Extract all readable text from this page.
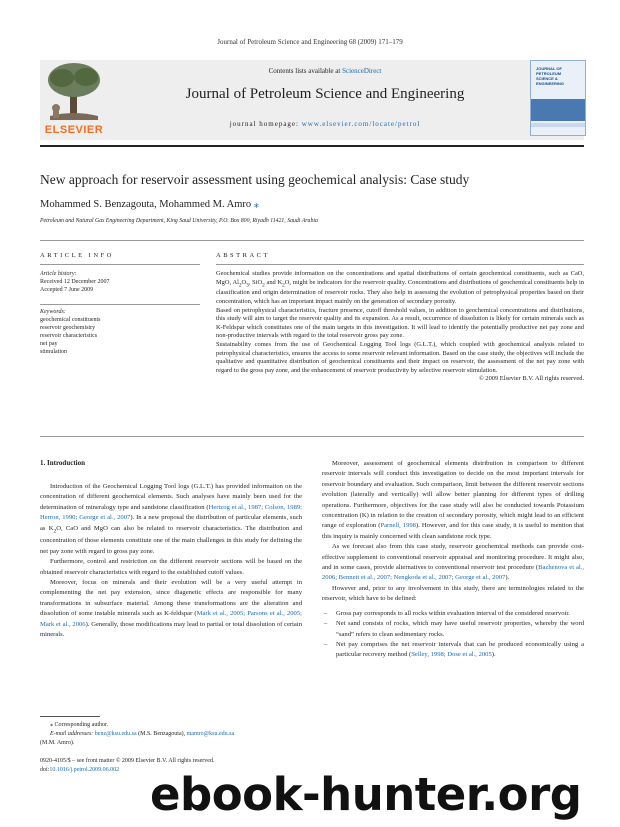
Journal of Petroleum Science and Engineering 68 (2009) 171–179
ELSEVIER
Contents lists available at ScienceDirect
Journal of Petroleum Science and Engineering
journal homepage: www.elsevier.com/locate/petrol
JOURNAL OF PETROLEUM SCIENCE & ENGINEERING
New approach for reservoir assessment using geochemical analysis: Case study
Mohammed S. Benzagouta, Mohammed M. Amro ⁎
Petroleum and Natural Gas Engineering Department, King Saud University, P.O. Box 800, Riyadh 11421, Saudi Arabia
ARTICLE INFO	ABSTRACT
Article history:
Received 12 December 2007
Accepted 7 June 2009
Keywords:
geochemical constituents
reservoir geochemistry
reservoir characteristics
net pay
stimulation

Geochemical studies provide information on the concentrations and spatial distributions of certain geochemical constituents, such as CaO, MgO, $Al_2O_3$, SiO$_2$ and $K_2O$, might be indicators for the reservoir quality. Concentrations and distributions of geochemical constituents help in classification and origin determination of reservoir rocks. They also help in assessing the evolution of petrophysical properties based on their concentration, which has an important impact mainly on the generation of secondary porosity.

Based on petrophysical characteristics, fracture presence, cutoff threshold values, in addition to geochemical concentrations and distributions, this study will aim to target the reservoir quality and its expansion. As a result, occurrence of dissolution is likely for certain minerals such as K-Feldspar which constitutes one of the main targets in this investigation. It will lead to identify the potentially productive net pay zone and non-productive intervals with regard to the total reservoir gross pay zone.

Sustainability comes from the use of Geochemical Logging Tool logs (G.L.T.), which coupled with geochemical analysis related to petrophysical characteristics, ensures the access to some reservoir relevant information. Based on the case study, the objectives will include the qualitative and quantitative distribution of geochemical constituents and their impact on reservoir, the assessment of the net pay zone with regard to the gross pay zone, and the enhancement of reservoir productivity by selective reservoir stimulation.

© 2009 Elsevier B.V. All rights reserved.

1. Introduction

Introduction of the Geochemical Logging Tool logs (G.L.T.) has provided information on the concentration of different geochemical elements. Such analyses have mainly been used for the determination of mineralogy type and sandstone classification (Hertzog et al., 1987; Colson, 1989; Herron, 1990; George et al., 2007). In a new proposal the distribution of particular elements, such as $K_2O$, CaO and MgO can also be related to reservoir characteristics. The distribution and concentration of those elements constitute one of the main challenges in this study for defining the net pay zone with regard to gross pay zone.

Furthermore, control and restriction on the different reservoir sections will be based on the obtained reservoir characteristics with regard to the established cutoff values.

Moreover, focus on minerals and their evolution will be a very useful attempt in complementing the net pay extension, since diagenetic effects are responsible for many transformations in subsurface material. Among these transformations are the alteration and dissolution of some instable minerals such as K-feldspar (Mark et al., 2005; Parsons et al., 2005; Mark et al., 2006). Generally, those modifications may lead to partial or total dissolution of certain minerals.

Moreover, assessment of geochemical elements distribution in comparison to different reservoir intervals will conduct this investigation to decide on the most important intervals for reservoir boundary and evaluation. Such comparison, limit between the different reservoir sections evolution (laterally and vertically) will allow better planning for different types of drilling operations. Furthermore, objectives for the case study will also be conducted towards Potassium concentration (K) in relation to the creation of secondary porosity, which might lead to an efficient range of exploration (Parnell, 1998). However, and for this case study, it is useful to mention that this inquiry is mainly concerned with clean sandstone rock type.

As we forecast also from this case study, reservoir geochemical methods can provide cost-effective supplement to conventional reservoir appraisal and monitoring procedure. It might also, and in some cases, provide alternatives to conventional reservoir test procedure (Bazhenova et al., 2006; Bennett et al., 2007; Nengkoda et al., 2007; George et al., 2007).

However and, prior to any involvement in this study, there are terminologies related to the reservoir, which have to be defined:

– Gross pay corresponds to all rocks within evaluation interval of the considered reservoir.
– Net sand consists of rocks, which may have useful reservoir properties, whereby the word “sand” refers to clean sedimentary rocks.
– Net pay comprises the net reservoir intervals that can be produced economically using a particular recovery method (Selley, 1998; Dose et al., 2005).
⁎ Corresponding author.
E-mail addresses: benz@ksu.edu.sa (M.S. Benzagouta), mamro@ksu.edu.sa
(M.M. Amro).
0920-4105/$ – see front matter © 2009 Elsevier B.V. All rights reserved.
doi:10.1016/j.petrol.2009.06.002 ebook-hunter.org
